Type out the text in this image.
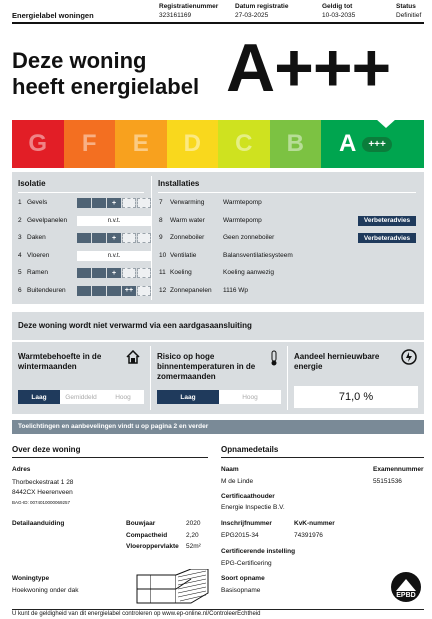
Energielabel woningen
Registratienummer
323161169
Datum registratie
27-03-2025
Geldig tot
10-03-2035
Status
Definitief
Deze woning
heeft energielabel A+++
G	F	E	D	C	B	A	+++
Isolatie	Installaties
1 Gevels	+
2 Gevelpanelen	n.v.t.
3 Daken	+
4 Vloeren	n.v.t.
5 Ramen	+
6 Buitendeuren	++
7 Verwarming	Warmtepomp
8 Warm water	Warmtepomp	Verbeteradvies
9 Zonneboiler	Geen zonneboiler	Verbeteradvies
10 Ventilatie	Balansventilatiesysteem
11 Koeling	Koeling aanwezig
12 Zonnepanelen 1116 Wp
Deze woning wordt niet verwarmd via een aardgasaansluiting
Warmtebehoefte in de wintermaanden
Laag	Gemiddeld	Hoog
Risico op hoge binnentemperaturen in de zomermaanden
Laag	Hoog
Aandeel hernieuwbare energie
71,0 %
Toelichtingen en aanbevelingen vindt u op pagina 2 en verder
Over deze woning
Adres
Thorbeckestraat 1 28
8442CX Heerenveen
BAG-ID: 0074010000069257
Detailaanduiding	Bouwjaar	2020
Compactheid	2,20
Vloeroppervlakte 52m²
Woningtype
Hoekwoning onder dak
Opnamedetails
Naam
M de Linde
Examennummer
55151536
Certificaathouder
Energie Inspectie B.V.
Inschrijfnummer
EPG2015-34
KvK-nummer
74391976
Certificerende instelling
EPG-Certificering
Soort opname
Basisopname
EPBD
U kunt de geldigheid van dit energielabel controleren op www.ep-online.nl/ControleerEchtheid
